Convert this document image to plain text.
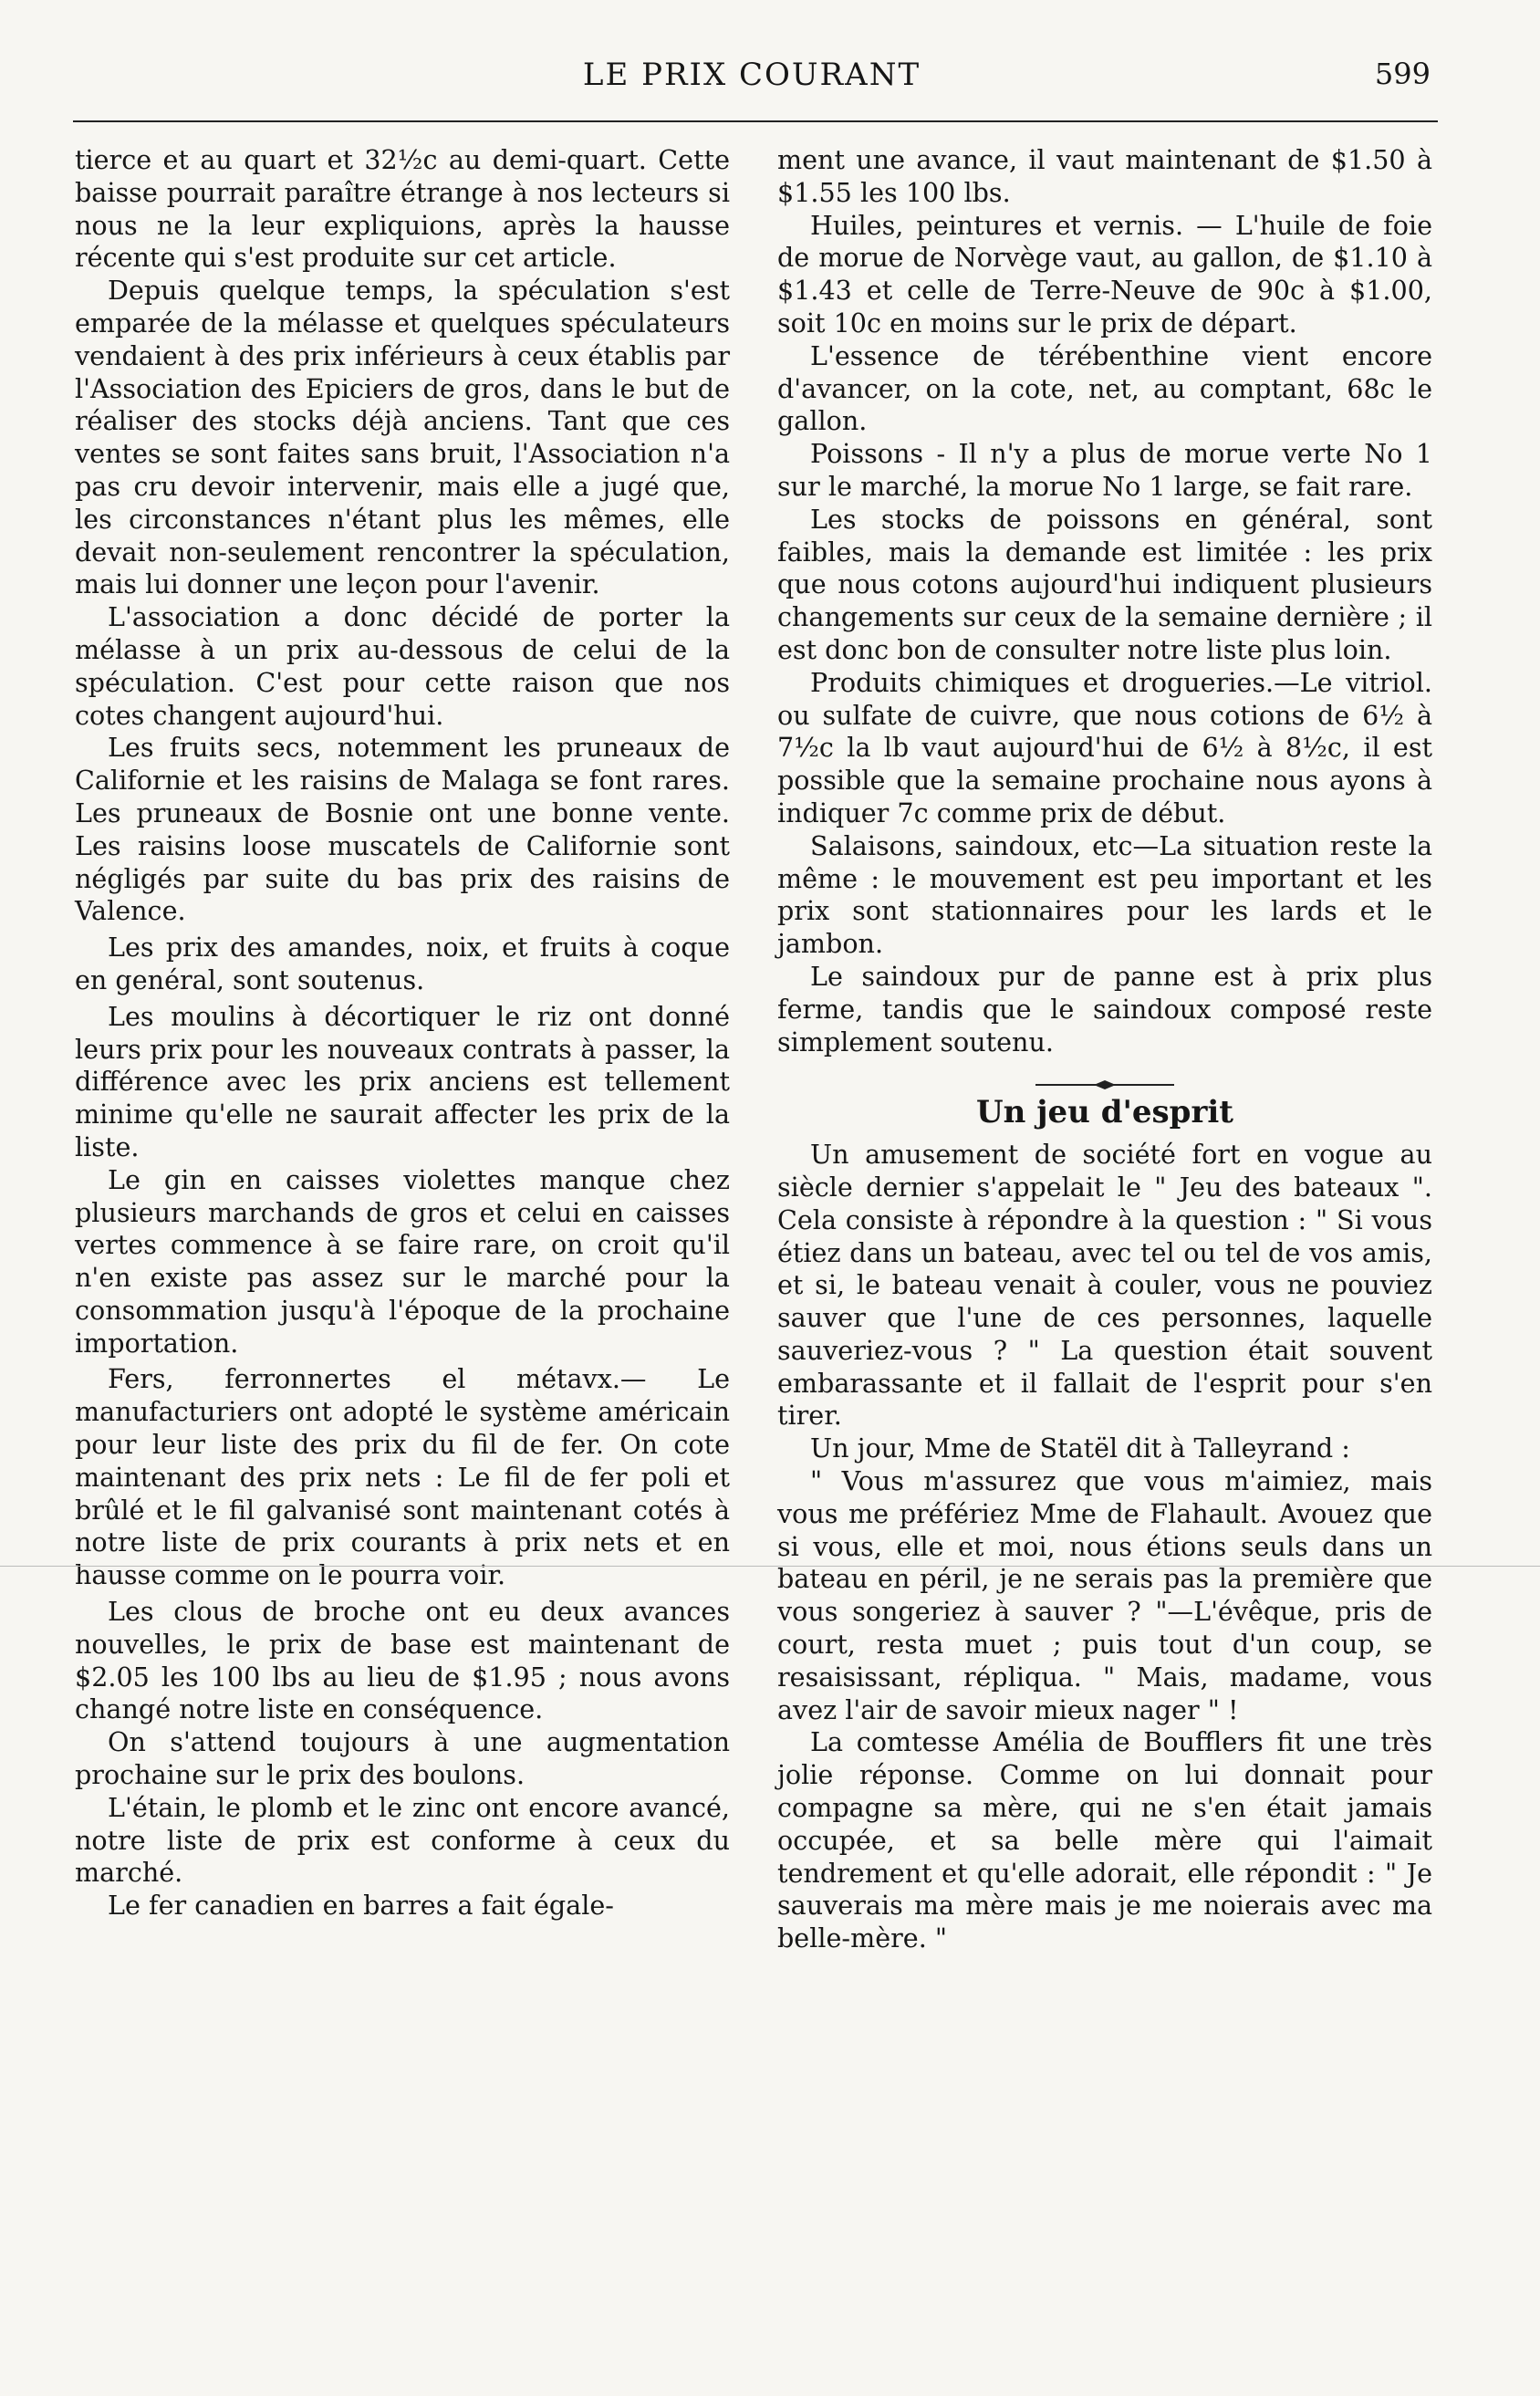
LE PRIX COURANT	599

tierce et au quart et 32½c au demi-quart. Cette baisse pourrait paraître étrange à nos lecteurs si nous ne la leur expliquions, après la hausse récente qui s'est produite sur cet article.

Depuis quelque temps, la spéculation s'est emparée de la mélasse et quelques spéculateurs vendaient à des prix inférieurs à ceux établis par l'Association des Epiciers de gros, dans le but de réaliser des stocks déjà anciens. Tant que ces ventes se sont faites sans bruit, l'Association n'a pas cru devoir intervenir, mais elle a jugé que, les circonstances n'étant plus les mêmes, elle devait non-seulement rencontrer la spéculation, mais lui donner une leçon pour l'avenir.

L'association a donc décidé de porter la mélasse à un prix au-dessous de celui de la spéculation. C'est pour cette raison que nos cotes changent aujourd'hui.

Les fruits secs, notemment les pruneaux de Californie et les raisins de Malaga se font rares. Les pruneaux de Bosnie ont une bonne vente. Les raisins loose muscatels de Californie sont négligés par suite du bas prix des raisins de Valence.

Les prix des amandes, noix, et fruits à coque en genéral, sont soutenus.

Les moulins à décortiquer le riz ont donné leurs prix pour les nouveaux contrats à passer, la différence avec les prix anciens est tellement minime qu'elle ne saurait affecter les prix de la liste.

Le gin en caisses violettes manque chez plusieurs marchands de gros et celui en caisses vertes commence à se faire rare, on croit qu'il n'en existe pas assez sur le marché pour la consommation jusqu'à l'époque de la prochaine importation.

Fers, ferronnertes el métavx.— Le manufacturiers ont adopté le système américain pour leur liste des prix du fil de fer. On cote maintenant des prix nets : Le fil de fer poli et brûlé et le fil galvanisé sont maintenant cotés à notre liste de prix courants à prix nets et en hausse comme on le pourra voir.

Les clous de broche ont eu deux avances nouvelles, le prix de base est maintenant de $2.05 les 100 lbs au lieu de $1.95 ; nous avons changé notre liste en conséquence.

On s'attend toujours à une augmentation prochaine sur le prix des boulons.

L'étain, le plomb et le zinc ont encore avancé, notre liste de prix est conforme à ceux du marché.

Le fer canadien en barres a fait égale-

ment une avance, il vaut maintenant de $1.50 à $1.55 les 100 lbs.

Huiles, peintures et vernis. — L'huile de foie de morue de Norvège vaut, au gallon, de $1.10 à $1.43 et celle de Terre-Neuve de 90c à $1.00, soit 10c en moins sur le prix de départ.

L'essence de térébenthine vient encore d'avancer, on la cote, net, au comptant, 68c le gallon.

Poissons - Il n'y a plus de morue verte No 1 sur le marché, la morue No 1 large, se fait rare.

Les stocks de poissons en général, sont faibles, mais la demande est limitée : les prix que nous cotons aujourd'hui indiquent plusieurs changements sur ceux de la semaine dernière ; il est donc bon de consulter notre liste plus loin.

Produits chimiques et drogueries.—Le vitriol. ou sulfate de cuivre, que nous cotions de 6½ à 7½c la lb vaut aujourd'hui de 6½ à 8½c, il est possible que la semaine prochaine nous ayons à indiquer 7c comme prix de début.

Salaisons, saindoux, etc—La situation reste la même : le mouvement est peu important et les prix sont stationnaires pour les lards et le jambon.

Le saindoux pur de panne est à prix plus ferme, tandis que le saindoux composé reste simplement soutenu.

Un jeu d'esprit

Un amusement de société fort en vogue au siècle dernier s'appelait le " Jeu des bateaux ". Cela consiste à répondre à la question : " Si vous étiez dans un bateau, avec tel ou tel de vos amis, et si, le bateau venait à couler, vous ne pouviez sauver que l'une de ces personnes, laquelle sauveriez-vous ? " La question était souvent embarassante et il fallait de l'esprit pour s'en tirer.

Un jour, Mme de Statël dit à Talleyrand :

" Vous m'assurez que vous m'aimiez, mais vous me préfériez Mme de Flahault. Avouez que si vous, elle et moi, nous étions seuls dans un bateau en péril, je ne serais pas la première que vous songeriez à sauver ? "—L'évêque, pris de court, resta muet ; puis tout d'un coup, se resaisissant, répliqua. " Mais, madame, vous avez l'air de savoir mieux nager " !

La comtesse Amélia de Boufflers fit une très jolie réponse. Comme on lui donnait pour compagne sa mère, qui ne s'en était jamais occupée, et sa belle mère qui l'aimait tendrement et qu'elle adorait, elle répondit : " Je sauverais ma mère mais je me noierais avec ma belle-mère. "
